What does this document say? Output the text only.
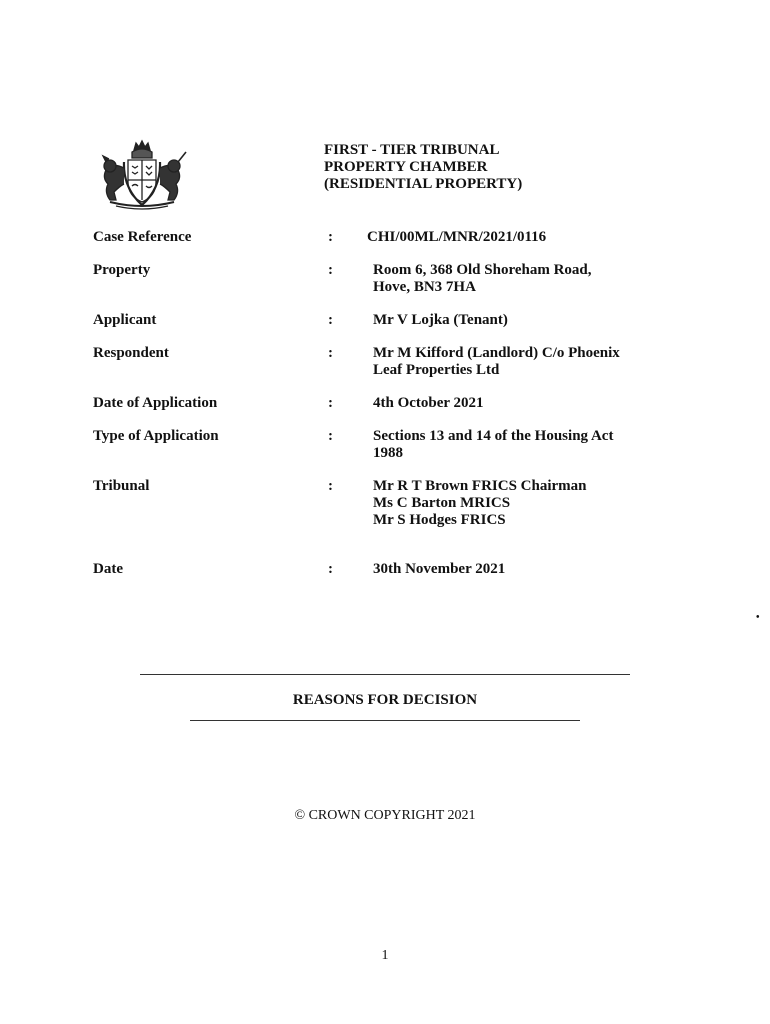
FIRST - TIER TRIBUNAL
PROPERTY CHAMBER
(RESIDENTIAL PROPERTY)
Case Reference	: CHI/00ML/MNR/2021/0116
Property	:	Room 6, 368 Old Shoreham Road,
Hove, BN3 7HA
Applicant	:	Mr V Lojka (Tenant)
Respondent	:	Mr M Kifford (Landlord) C/o Phoenix
Leaf Properties Ltd
Date of Application	:	4th October 2021
Type of Application	:	Sections 13 and 14 of the Housing Act
1988
Tribunal	:	Mr R T Brown FRICS Chairman
Ms C Barton MRICS
Mr S Hodges FRICS
Date	:	30th November 2021
•
REASONS FOR DECISION
© CROWN COPYRIGHT 2021
1
